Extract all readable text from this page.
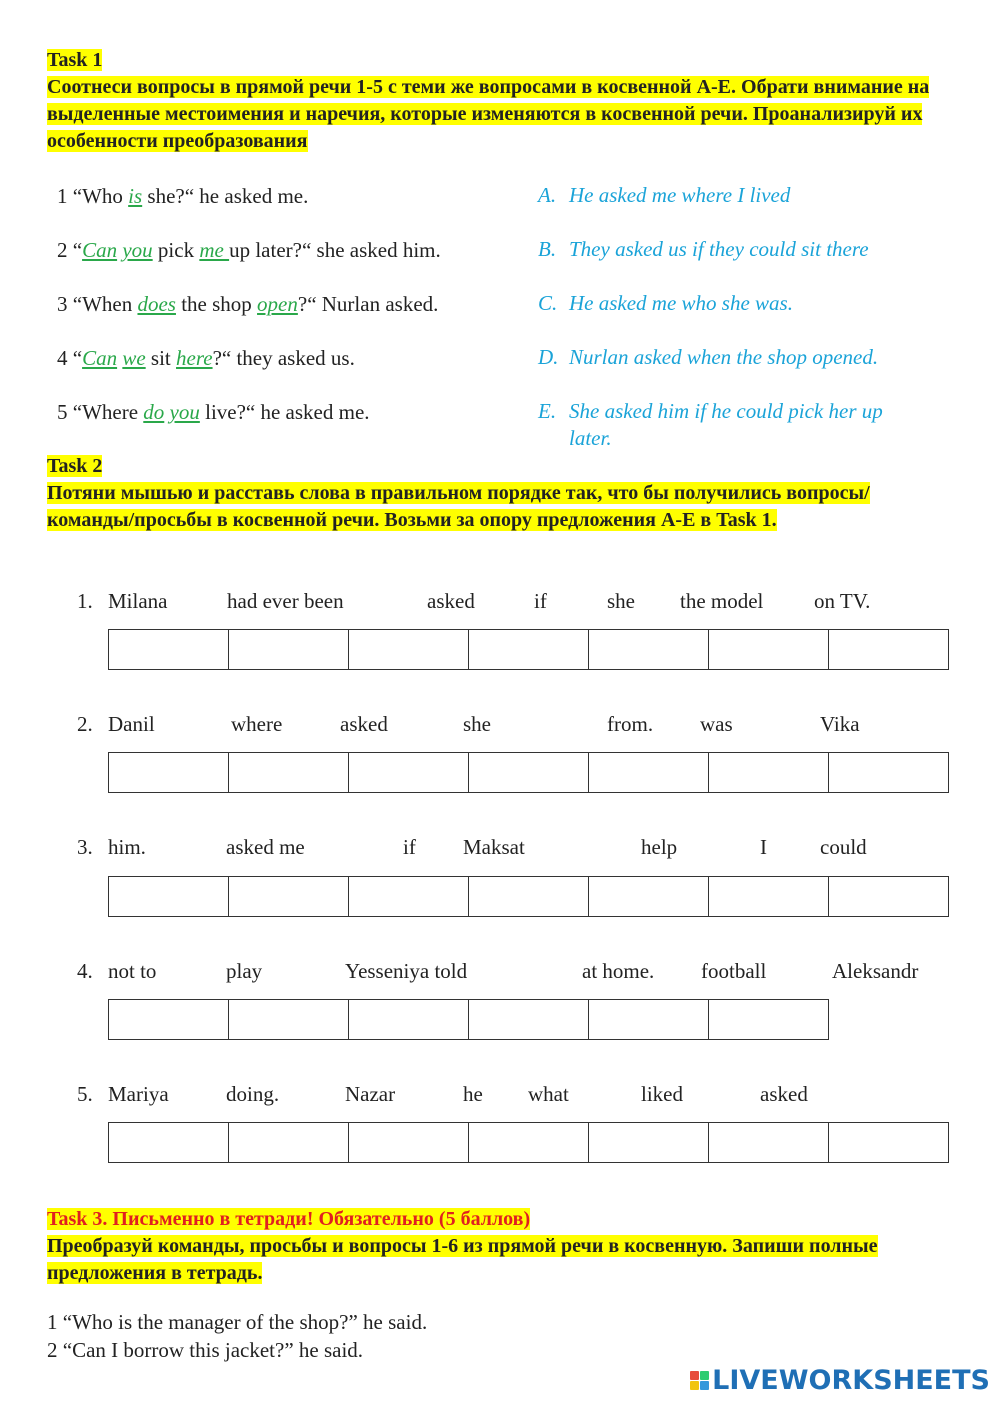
Task 1
Соотнеси вопросы в прямой речи 1-5 с теми же вопросами в косвенной А-Е. Обрати внимание на выделенные местоимения и наречия, которые изменяются в косвенной речи. Проанализируй их особенности преобразования
1 “Who is she?“ he asked me.
2 “Can you pick me up later?“ she asked him.
3 “When does the shop open?“ Nurlan asked.
4 “Can we sit here?“ they asked us.
5 “Where do you live?“ he asked me.
A. He asked me where I lived
B. They asked us if they could sit there
C. He asked me who she was.
D. Nurlan asked when the shop opened.
E. She asked him if he could pick her up
later.
Task 2
Потяни мышью и расставь слова в правильном порядке так, что бы получились вопросы/команды/просьбы в косвенной речи. Возьми за опору предложения А-Е в Task 1.
1. Milana	had ever been	asked	if	she the model on TV.
2. Danil	where	asked	she	from. was	Vika
3. him.	asked me	if Maksat	help	I	could
4. not to	play	Yesseniya told	at home. football	Aleksandr
5. Mariya	doing.	Nazar	he what	liked	asked
Task 3. Письменно в тетради! Обязательно (5 баллов)
Преобразуй команды, просьбы и вопросы 1-6 из прямой речи в косвенную. Запиши полные предложения в тетрадь.
1 “Who is the manager of the shop?” he said.
2 “Can I borrow this jacket?” he said.
LIVEWORKSHEETS
